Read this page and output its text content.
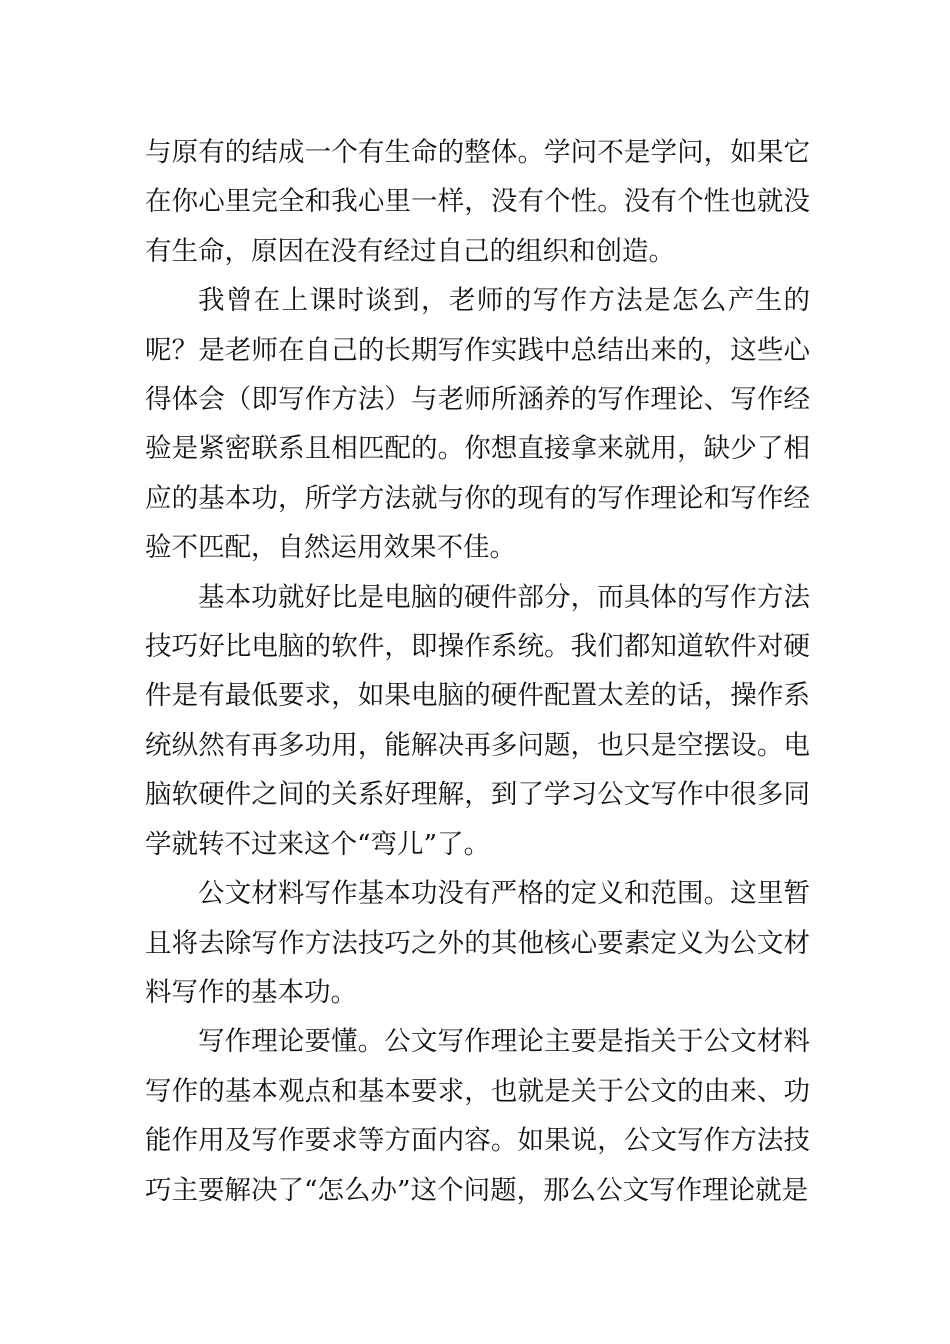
与原有的结成一个有生命的整体。学问不是学问，如果它在你心里完全和我心里一样，没有个性。没有个性也就没有生命，原因在没有经过自己的组织和创造。

我曾在上课时谈到，老师的写作方法是怎么产生的呢？是老师在自己的长期写作实践中总结出来的，这些心得体会（即写作方法）与老师所涵养的写作理论、写作经验是紧密联系且相匹配的。你想直接拿来就用，缺少了相应的基本功，所学方法就与你的现有的写作理论和写作经验不匹配，自然运用效果不佳。

基本功就好比是电脑的硬件部分，而具体的写作方法技巧好比电脑的软件，即操作系统。我们都知道软件对硬件是有最低要求，如果电脑的硬件配置太差的话，操作系统纵然有再多功用，能解决再多问题，也只是空摆设。电脑软硬件之间的关系好理解，到了学习公文写作中很多同学就转不过来这个“弯儿”了。

公文材料写作基本功没有严格的定义和范围。这里暂且将去除写作方法技巧之外的其他核心要素定义为公文材料写作的基本功。

写作理论要懂。公文写作理论主要是指关于公文材料写作的基本观点和基本要求，也就是关于公文的由来、功能作用及写作要求等方面内容。如果说，公文写作方法技巧主要解决了“怎么办”这个问题，那么公文写作理论就是
